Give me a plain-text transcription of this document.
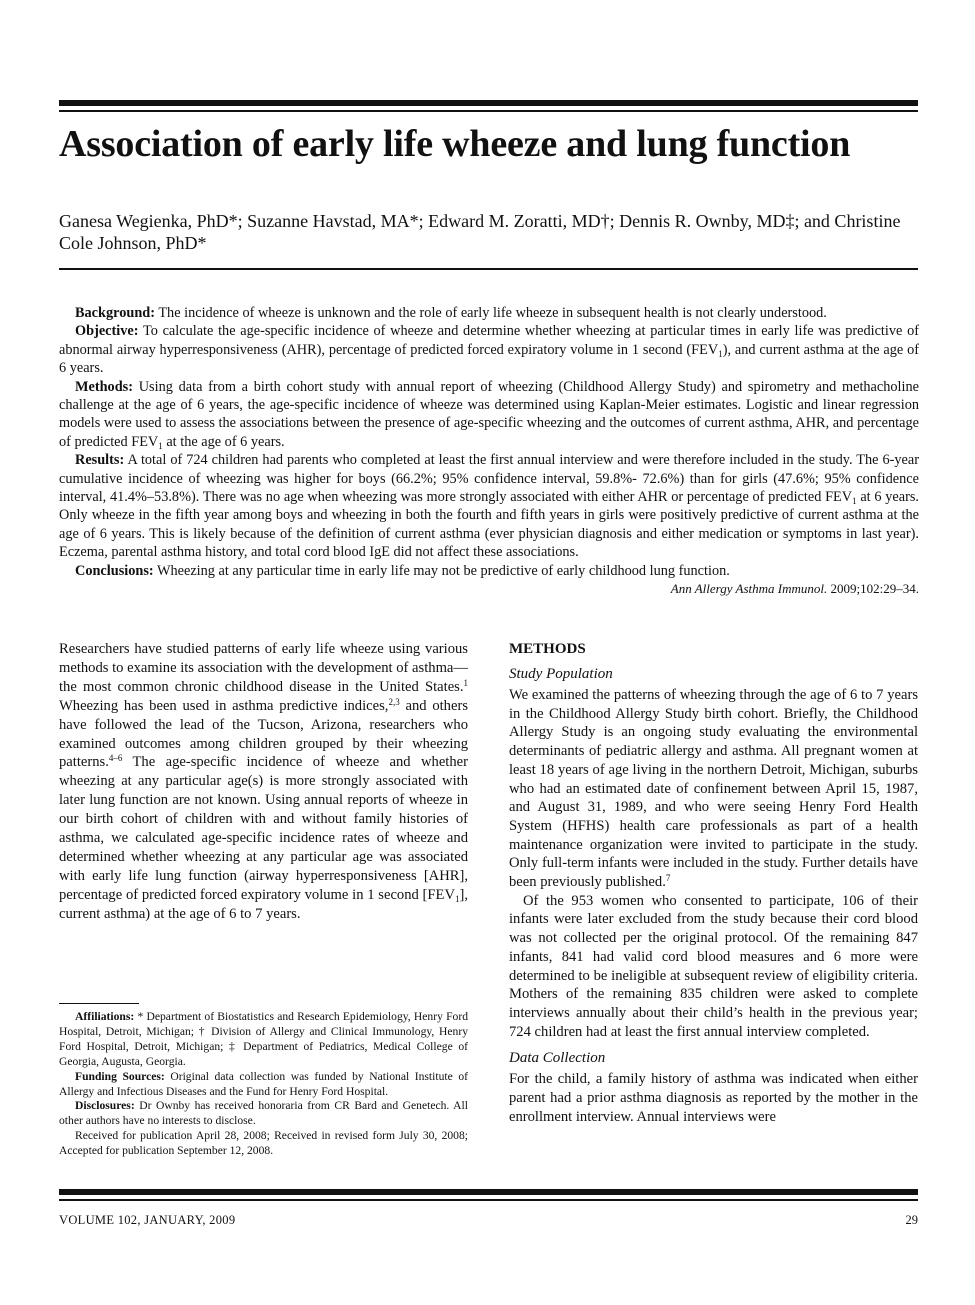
Association of early life wheeze and lung function
Ganesa Wegienka, PhD*; Suzanne Havstad, MA*; Edward M. Zoratti, MD†; Dennis R. Ownby, MD‡; and Christine Cole Johnson, PhD*

Background: The incidence of wheeze is unknown and the role of early life wheeze in subsequent health is not clearly understood.

Objective: To calculate the age-specific incidence of wheeze and determine whether wheezing at particular times in early life was predictive of abnormal airway hyperresponsiveness (AHR), percentage of predicted forced expiratory volume in 1 second $(FEV_1)$, and current asthma at the age of 6 years.

Methods: Using data from a birth cohort study with annual report of wheezing (Childhood Allergy Study) and spirometry and methacholine challenge at the age of 6 years, the age-specific incidence of wheeze was determined using Kaplan-Meier estimates. Logistic and linear regression models were used to assess the associations between the presence of age-specific wheezing and the outcomes of current asthma, AHR, and percentage of predicted $FEV_1$ at the age of 6 years.

Results: A total of 724 children had parents who completed at least the first annual interview and were therefore included in the study. The 6-year cumulative incidence of wheezing was higher for boys (66.2%; 95% confidence interval, 59.8%- 72.6%) than for girls (47.6%; 95% confidence interval, 41.4%–53.8%). There was no age when wheezing was more strongly associated with either AHR or percentage of predicted $FEV_1$ at 6 years. Only wheeze in the fifth year among boys and wheezing in both the fourth and fifth years in girls were positively predictive of current asthma at the age of 6 years. This is likely because of the definition of current asthma (ever physician diagnosis and either medication or symptoms in last year). Eczema, parental asthma history, and total cord blood IgE did not affect these associations.

Conclusions: Wheezing at any particular time in early life may not be predictive of early childhood lung function.

Ann Allergy Asthma Immunol. 2009;102:29–34.

Researchers have studied patterns of early life wheeze using various methods to examine its association with the development of asthma—the most common chronic childhood disease in the United States.$^1$ Wheezing has been used in asthma predictive indices,$^{2,3}$ and others have followed the lead of the Tucson, Arizona, researchers who examined outcomes among children grouped by their wheezing patterns.$^{4-6}$ The age-specific incidence of wheeze and whether wheezing at any particular age(s) is more strongly associated with later lung function are not known. Using annual reports of wheeze in our birth cohort of children with and without family histories of asthma, we calculated age-specific incidence rates of wheeze and determined whether wheezing at any particular age was associated with early life lung function (airway hyperresponsiveness [AHR], percentage of predicted forced expiratory volume in 1 second $[FEV_1]$, current asthma) at the age of 6 to 7 years.

Affiliations: * Department of Biostatistics and Research Epidemiology, Henry Ford Hospital, Detroit, Michigan; † Division of Allergy and Clinical Immunology, Henry Ford Hospital, Detroit, Michigan; ‡ Department of Pediatrics, Medical College of Georgia, Augusta, Georgia.

Funding Sources: Original data collection was funded by National Institute of Allergy and Infectious Diseases and the Fund for Henry Ford Hospital.

Disclosures: Dr Ownby has received honoraria from CR Bard and Genetech. All other authors have no interests to disclose.

Received for publication April 28, 2008; Received in revised form July 30, 2008; Accepted for publication September 12, 2008.

METHODS
Study Population

We examined the patterns of wheezing through the age of 6 to 7 years in the Childhood Allergy Study birth cohort. Briefly, the Childhood Allergy Study is an ongoing study evaluating the environmental determinants of pediatric allergy and asthma. All pregnant women at least 18 years of age living in the northern Detroit, Michigan, suburbs who had an estimated date of confinement between April 15, 1987, and August 31, 1989, and who were seeing Henry Ford Health System (HFHS) health care professionals as part of a health maintenance organization were invited to participate in the study. Only full-term infants were included in the study. Further details have been previously published.$^7$

Of the 953 women who consented to participate, 106 of their infants were later excluded from the study because their cord blood was not collected per the original protocol. Of the remaining 847 infants, 841 had valid cord blood measures and 6 more were determined to be ineligible at subsequent review of eligibility criteria. Mothers of the remaining 835 children were asked to complete interviews annually about their child’s health in the previous year; 724 children had at least the first annual interview completed.

Data Collection

For the child, a family history of asthma was indicated when either parent had a prior asthma diagnosis as reported by the mother in the enrollment interview. Annual interviews were

VOLUME 102, JANUARY, 2009	29
